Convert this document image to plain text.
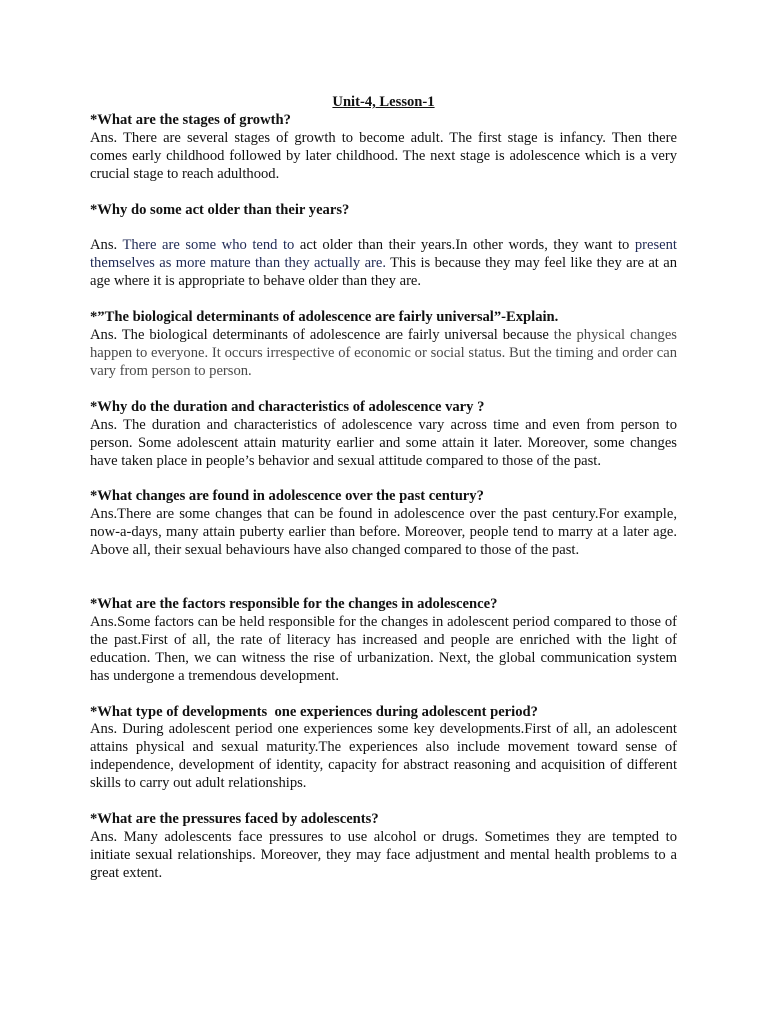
Unit-4, Lesson-1

*What are the stages of growth?

Ans. There are several stages of growth to become adult. The first stage is infancy. Then there comes early childhood followed by later childhood. The next stage is adolescence which is a very crucial stage to reach adulthood.

*Why do some act older than their years?

Ans. There are some who tend to act older than their years.In other words, they want to present themselves as more mature than they actually are. This is because they may feel like they are at an age where it is appropriate to behave older than they are.

*”The biological determinants of adolescence are fairly universal”-Explain.

Ans. The biological determinants of adolescence are fairly universal because the physical changes happen to everyone. It occurs irrespective of economic or social status. But the timing and order can vary from person to person.

*Why do the duration and characteristics of adolescence vary ?

Ans. The duration and characteristics of adolescence vary across time and even from person to person. Some adolescent attain maturity earlier and some attain it later. Moreover, some changes have taken place in people’s behavior and sexual attitude compared to those of the past.

*What changes are found in adolescence over the past century?

Ans.There are some changes that can be found in adolescence over the past century.For example, now-a-days, many attain puberty earlier than before. Moreover, people tend to marry at a later age. Above all, their sexual behaviours have also changed compared to those of the past.

*What are the factors responsible for the changes in adolescence?

Ans.Some factors can be held responsible for the changes in adolescent period compared to those of the past.First of all, the rate of literacy has increased and people are enriched with the light of education. Then, we can witness the rise of urbanization. Next, the global communication system has undergone a tremendous development.

*What type of developments  one experiences during adolescent period?

Ans. During adolescent period one experiences some key developments.First of all, an adolescent attains physical and sexual maturity.The experiences also include movement toward sense of independence, development of identity, capacity for abstract reasoning and acquisition of different skills to carry out adult relationships.

*What are the pressures faced by adolescents?

Ans. Many adolescents face pressures to use alcohol or drugs. Sometimes they are tempted to initiate sexual relationships. Moreover, they may face adjustment and mental health problems to a great extent.
